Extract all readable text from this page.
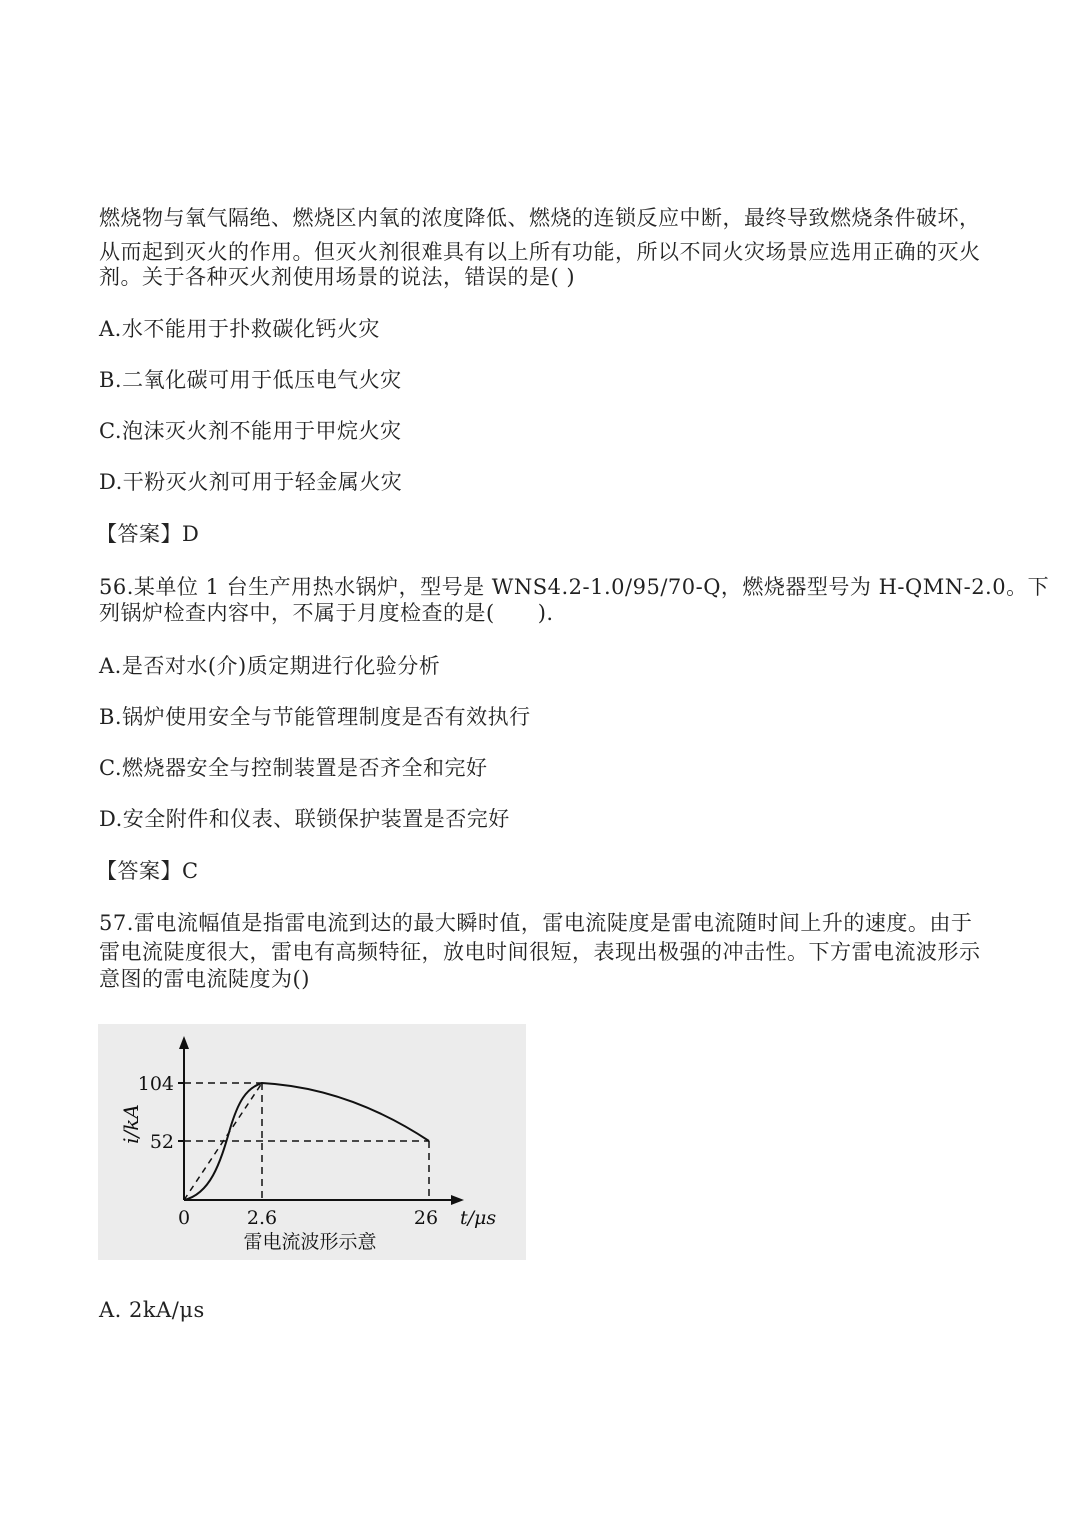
燃烧物与氧气隔绝、燃烧区内氧的浓度降低、燃烧的连锁反应中断，最终导致燃烧条件破坏，
从而起到灭火的作用。但灭火剂很难具有以上所有功能，所以不同火灾场景应选用正确的灭火
剂。关于各种灭火剂使用场景的说法，错误的是( )
A.水不能用于扑救碳化钙火灾
B.二氧化碳可用于低压电气火灾
C.泡沫灭火剂不能用于甲烷火灾
D.干粉灭火剂可用于轻金属火灾
【答案】D
56.某单位 1 台生产用热水锅炉，型号是 WNS4.2-1.0/95/70-Q，燃烧器型号为 H-QMN-2.0。下
列锅炉检查内容中，不属于月度检查的是(　　).
A.是否对水(介)质定期进行化验分析
B.锅炉使用安全与节能管理制度是否有效执行
C.燃烧器安全与控制装置是否齐全和完好
D.安全附件和仪表、联锁保护装置是否完好
【答案】C
57.雷电流幅值是指雷电流到达的最大瞬时值，雷电流陡度是雷电流随时间上升的速度。由于
雷电流陡度很大，雷电有高频特征，放电时间很短，表现出极强的冲击性。下方雷电流波形示
意图的雷电流陡度为()
104
52
i/kA
0	2.6	26 t/μs
雷电流波形示意
A. 2kA/μs
